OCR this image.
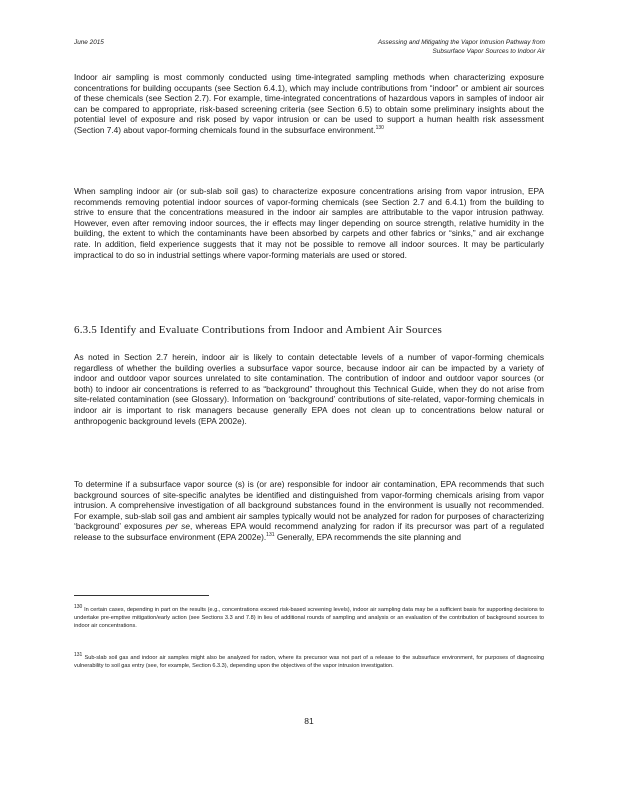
June 2015	Assessing and Mitigating the Vapor Intrusion Pathway from
Subsurface Vapor Sources to Indoor Air
Indoor air sampling is most commonly conducted using time-integrated sampling methods when characterizing exposure concentrations for building occupants (see Section 6.4.1), which may include contributions from “indoor” or ambient air sources of these chemicals (see Section 2.7). For example, time-integrated concentrations of hazardous vapors in samples of indoor air can be compared to appropriate, risk-based screening criteria (see Section 6.5) to obtain some preliminary insights about the potential level of exposure and risk posed by vapor intrusion or can be used to support a human health risk assessment (Section 7.4) about vapor-forming chemicals found in the subsurface environment.$^{130}$
When sampling indoor air (or sub-slab soil gas) to characterize exposure concentrations arising from vapor intrusion, EPA recommends removing potential indoor sources of vapor-forming chemicals (see Section 2.7 and 6.4.1) from the building to strive to ensure that the concentrations measured in the indoor air samples are attributable to the vapor intrusion pathway. However, even after removing indoor sources, the ir effects may linger depending on source strength, relative humidity in the building, the extent to which the contaminants have been absorbed by carpets and other fabrics or “sinks,” and air exchange rate. In addition, field experience suggests that it may not be possible to remove all indoor sources. It may be particularly impractical to do so in industrial settings where vapor-forming materials are used or stored.
6.3.5 Identify and Evaluate Contributions from Indoor and Ambient Air Sources
As noted in Section 2.7 herein, indoor air is likely to contain detectable levels of a number of vapor-forming chemicals regardless of whether the building overlies a subsurface vapor source, because indoor air can be impacted by a variety of indoor and outdoor vapor sources unrelated to site contamination. The contribution of indoor and outdoor vapor sources (or both) to indoor air concentrations is referred to as “background” throughout this Technical Guide, when they do not arise from site-related contamination (see Glossary). Information on ‘background’ contributions of site-related, vapor-forming chemicals in indoor air is important to risk managers because generally EPA does not clean up to concentrations below natural or anthropogenic background levels (EPA 2002e).
To determine if a subsurface vapor source (s) is (or are) responsible for indoor air contamination, EPA recommends that such background sources of site-specific analytes be identified and distinguished from vapor-forming chemicals arising from vapor intrusion. A comprehensive investigation of all background substances found in the environment is usually not recommended. For example, sub-slab soil gas and ambient air samples typically would not be analyzed for radon for purposes of characterizing ‘background’ exposures per se, whereas EPA would recommend analyzing for radon if its precursor was part of a regulated release to the subsurface environment (EPA 2002e).$^{131}$ Generally, EPA recommends the site planning and
$^{130}$ In certain cases, depending in part on the results (e.g., concentrations exceed risk-based screening levels), indoor air sampling data may be a sufficient basis for supporting decisions to undertake pre-emptive mitigation/early action (see Sections 3.3 and 7.8) in lieu of additional rounds of sampling and analysis or an evaluation of the contribution of background sources to indoor air concentrations.
$^{131}$ Sub-slab soil gas and indoor air samples might also be analyzed for radon, where its precursor was not part of a release to the subsurface environment, for purposes of diagnosing vulnerability to soil gas entry (see, for example, Section 6.3.3), depending upon the objectives of the vapor intrusion investigation.
81
